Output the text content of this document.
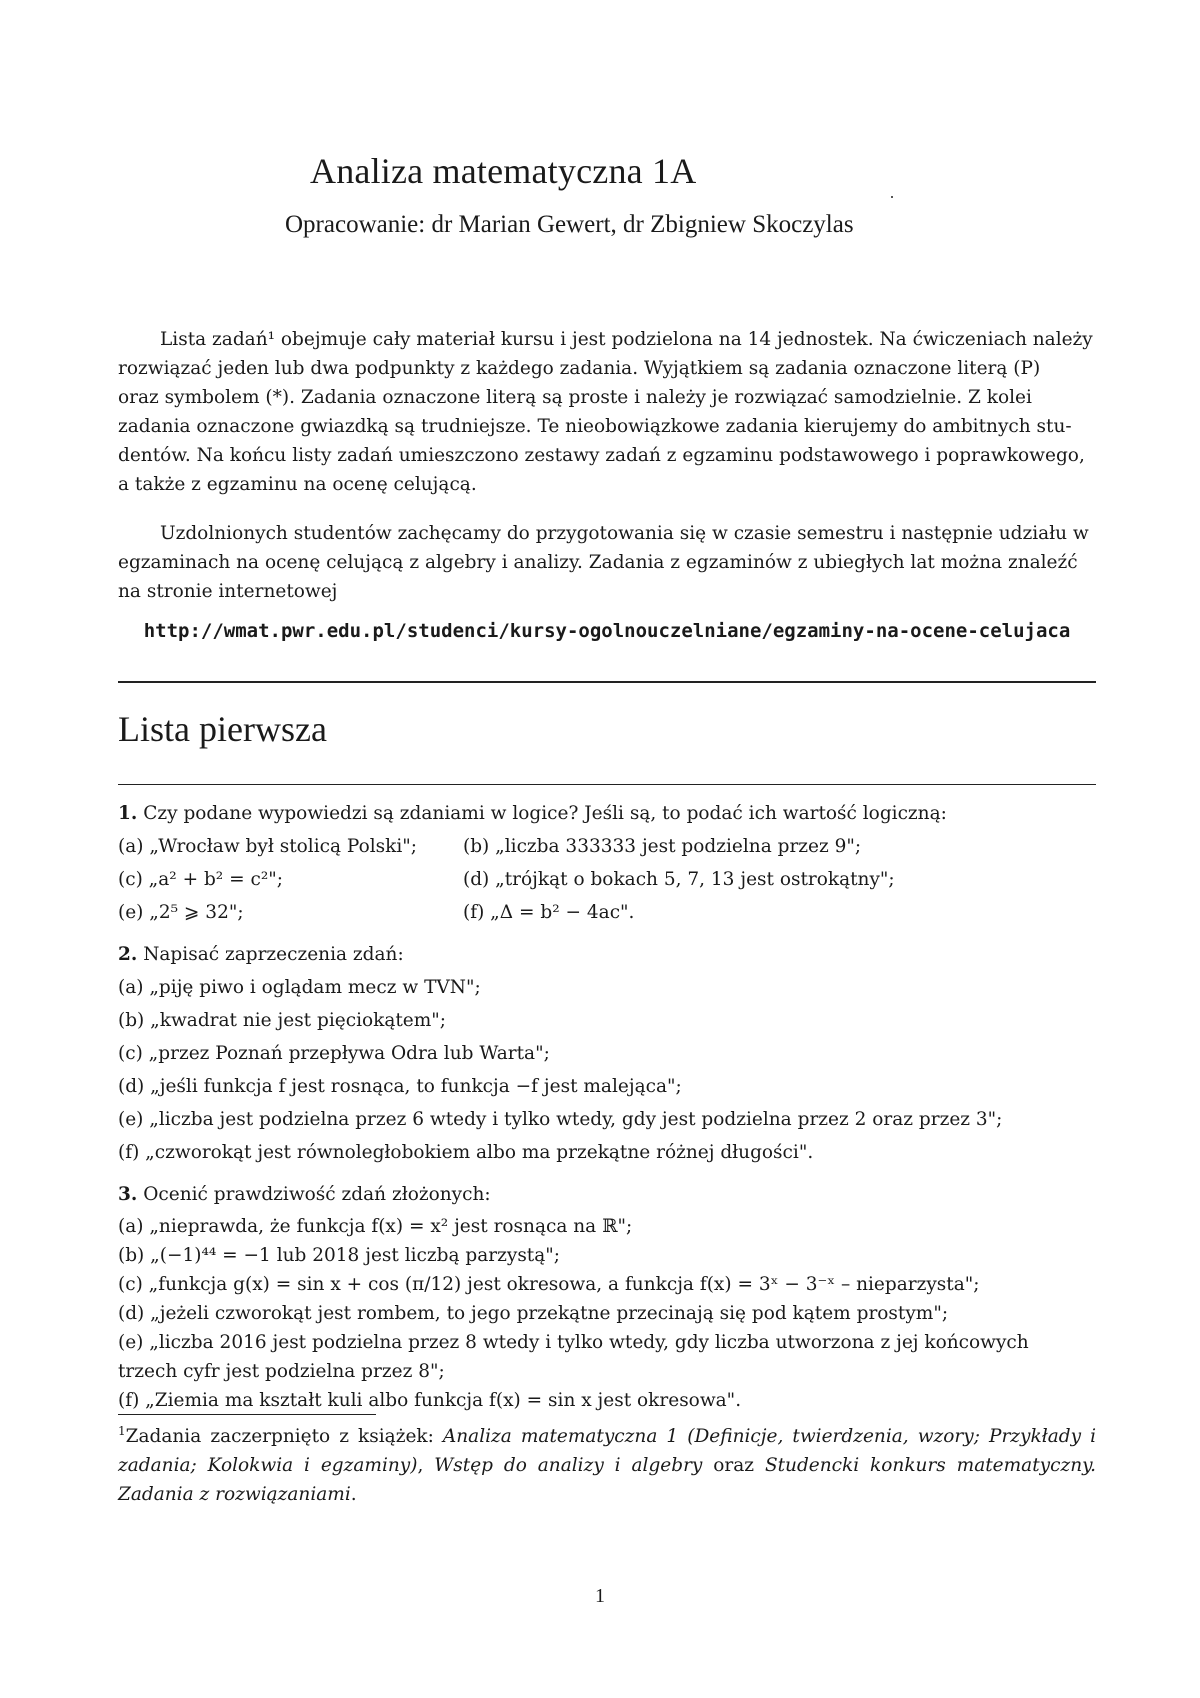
Analiza matematyczna 1A
Opracowanie: dr Marian Gewert, dr Zbigniew Skoczylas
Lista zadań¹ obejmuje cały materiał kursu i jest podzielona na 14 jednostek. Na ćwiczeniach należy
rozwiązać jeden lub dwa podpunkty z każdego zadania. Wyjątkiem są zadania oznaczone literą (P)
oraz symbolem (*). Zadania oznaczone literą są proste i należy je rozwiązać samodzielnie. Z kolei
zadania oznaczone gwiazdką są trudniejsze. Te nieobowiązkowe zadania kierujemy do ambitnych stu-
dentów. Na końcu listy zadań umieszczono zestawy zadań z egzaminu podstawowego i poprawkowego,
a także z egzaminu na ocenę celującą.
Uzdolnionych studentów zachęcamy do przygotowania się w czasie semestru i następnie udziału w
egzaminach na ocenę celującą z algebry i analizy. Zadania z egzaminów z ubiegłych lat można znaleźć
na stronie internetowej
http://wmat.pwr.edu.pl/studenci/kursy-ogolnouczelniane/egzaminy-na-ocene-celujaca
Lista pierwsza
1. Czy podane wypowiedzi są zdaniami w logice? Jeśli są, to podać ich wartość logiczną:
(a) „Wrocław był stolicą Polski"; (b) „liczba 333333 jest podzielna przez 9";
(c) „a² + b² = c²";	(d) „trójkąt o bokach 5, 7, 13 jest ostrokątny";
(e) „2⁵ ⩾ 32";	(f) „Δ = b² − 4ac".
2. Napisać zaprzeczenia zdań:
(a) „piję piwo i oglądam mecz w TVN";
(b) „kwadrat nie jest pięciokątem";
(c) „przez Poznań przepływa Odra lub Warta";
(d) „jeśli funkcja f jest rosnąca, to funkcja −f jest malejąca";
(e) „liczba jest podzielna przez 6 wtedy i tylko wtedy, gdy jest podzielna przez 2 oraz przez 3";
(f) „czworokąt jest równoległobokiem albo ma przekątne różnej długości".
3. Ocenić prawdziwość zdań złożonych:
(a) „nieprawda, że funkcja f(x) = x² jest rosnąca na ℝ";
(b) „(−1)⁴⁴ = −1 lub 2018 jest liczbą parzystą";
(c) „funkcja g(x) = sin x + cos (π/12) jest okresowa, a funkcja f(x) = 3ˣ − 3⁻ˣ – nieparzysta";
(d) „jeżeli czworokąt jest rombem, to jego przekątne przecinają się pod kątem prostym";
(e) „liczba 2016 jest podzielna przez 8 wtedy i tylko wtedy, gdy liczba utworzona z jej końcowych
trzech cyfr jest podzielna przez 8";
(f) „Ziemia ma kształt kuli albo funkcja f(x) = sin x jest okresowa".
$^1$Zadania zaczerpnięto z książek: Analiza matematyczna 1 (Definicje, twierdzenia, wzory; Przykłady i zadania; Kolokwia i egzaminy), Wstęp do analizy i algebry oraz Studencki konkurs matematyczny. Zadania z rozwiązaniami.
1
